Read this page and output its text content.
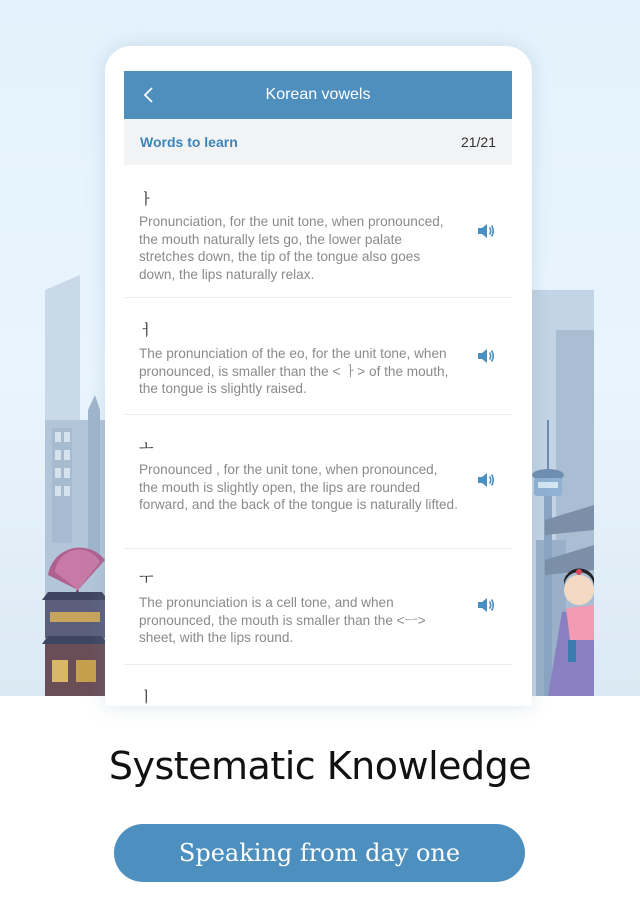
Korean vowels
Words to learn	21/21
ㅏ
Pronunciation, for the unit tone, when pronounced, the mouth naturally lets go, the lower palate stretches down, the tip of the tongue also goes down, the lips naturally relax.
ㅓ
The pronunciation of the eo, for the unit tone, when pronounced, is smaller than the < ㅏ> of the mouth, the tongue is slightly raised.
ㅗ
Pronounced , for the unit tone, when pronounced, the mouth is slightly open, the lips are rounded forward, and the back of the tongue is naturally lifted.
ㅜ
The pronunciation is a cell tone, and when pronounced, the mouth is smaller than the <ㅡ> sheet, with the lips round.
ㅣ
Systematic Knowledge
Speaking from day one
